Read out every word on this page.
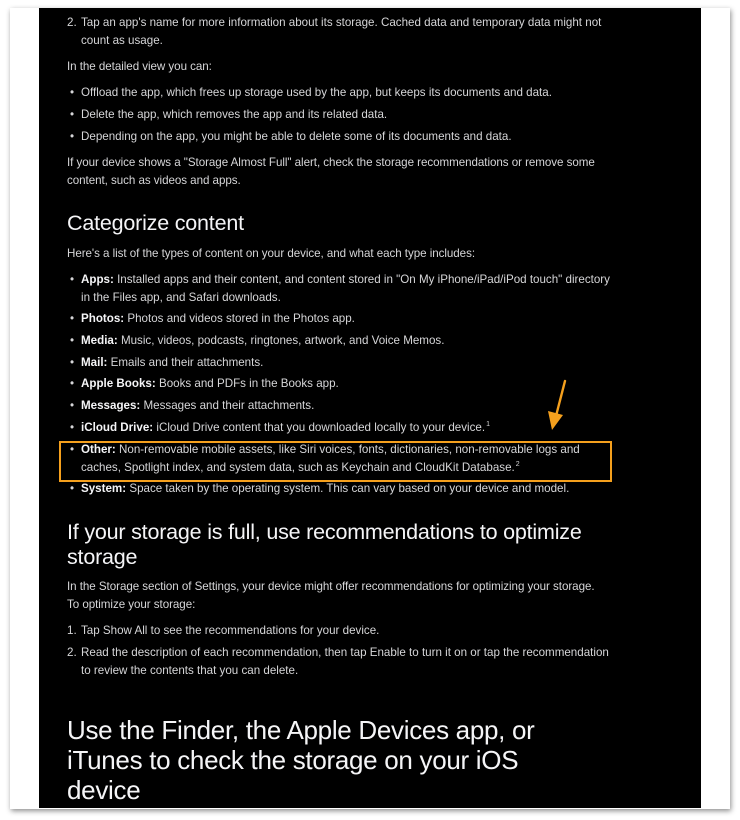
2. Tap an app's name for more information about its storage. Cached data and temporary data might not
count as usage.
In the detailed view you can:
• Offload the app, which frees up storage used by the app, but keeps its documents and data.
• Delete the app, which removes the app and its related data.
• Depending on the app, you might be able to delete some of its documents and data.
If your device shows a "Storage Almost Full" alert, check the storage recommendations or remove some
content, such as videos and apps.
Categorize content
Here's a list of the types of content on your device, and what each type includes:
• Apps: Installed apps and their content, and content stored in "On My iPhone/iPad/iPod touch" directory
in the Files app, and Safari downloads.
• Photos: Photos and videos stored in the Photos app.
• Media: Music, videos, podcasts, ringtones, artwork, and Voice Memos.
• Mail: Emails and their attachments.
• Apple Books: Books and PDFs in the Books app.
• Messages: Messages and their attachments.
• iCloud Drive: iCloud Drive content that you downloaded locally to your device.$^1$
• Other: Non-removable mobile assets, like Siri voices, fonts, dictionaries, non-removable logs and
caches, Spotlight index, and system data, such as Keychain and CloudKit Database.$^2$
• System: Space taken by the operating system. This can vary based on your device and model.
If your storage is full, use recommendations to optimize
storage
In the Storage section of Settings, your device might offer recommendations for optimizing your storage.
To optimize your storage:
1. Tap Show All to see the recommendations for your device.
2. Read the description of each recommendation, then tap Enable to turn it on or tap the recommendation
to review the contents that you can delete.
Use the Finder, the Apple Devices app, or
iTunes to check the storage on your iOS
device
